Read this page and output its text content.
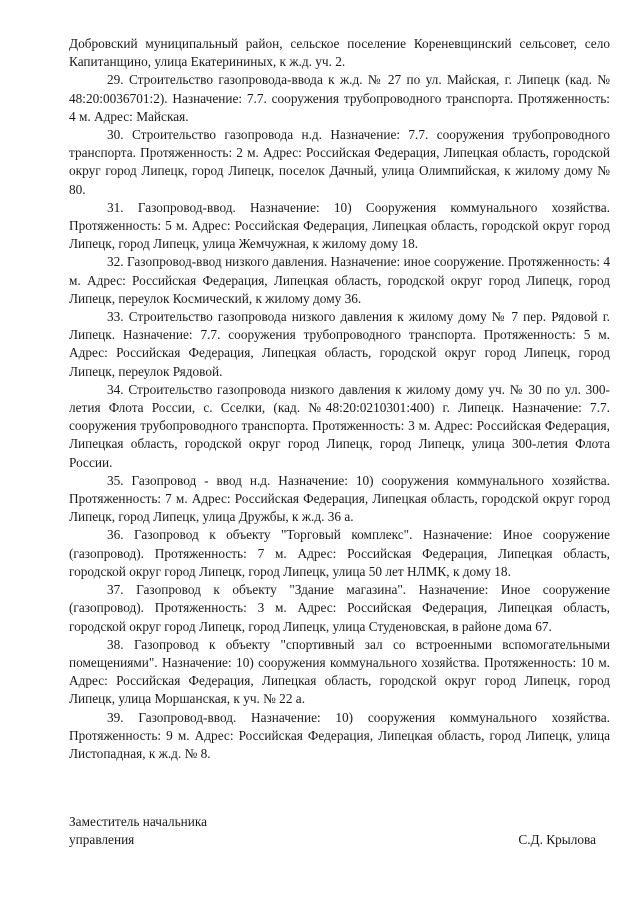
Добровский муниципальный район, сельское поселение Кореневщинский сельсовет, село Капитанщино, улица Екатерининых, к ж.д. уч. 2.

29. Строительство газопровода-ввода к ж.д. № 27 по ул. Майская, г. Липецк (кад. № 48:20:0036701:2). Назначение: 7.7. сооружения трубопроводного транспорта. Протяженность: 4 м. Адрес: Майская.

30. Строительство газопровода н.д. Назначение: 7.7. сооружения трубопроводного транспорта. Протяженность: 2 м. Адрес: Российская Федерация, Липецкая область, городской округ город Липецк, город Липецк, поселок Дачный, улица Олимпийская, к жилому дому № 80.

31. Газопровод-ввод. Назначение: 10) Сооружения коммунального хозяйства. Протяженность: 5 м. Адрес: Российская Федерация, Липецкая область, городской округ город Липецк, город Липецк, улица Жемчужная, к жилому дому 18.

32. Газопровод-ввод низкого давления. Назначение: иное сооружение. Протяженность: 4 м. Адрес: Российская Федерация, Липецкая область, городской округ город Липецк, город Липецк, переулок Космический, к жилому дому 36.

33. Строительство газопровода низкого давления к жилому дому № 7 пер. Рядовой г. Липецк. Назначение: 7.7. сооружения трубопроводного транспорта. Протяженность: 5 м. Адрес: Российская Федерация, Липецкая область, городской округ город Липецк, город Липецк, переулок Рядовой.

34. Строительство газопровода низкого давления к жилому дому уч. № 30 по ул. 300-летия Флота России, с. Сселки, (кад. №48:20:0210301:400) г. Липецк. Назначение: 7.7. сооружения трубопроводного транспорта. Протяженность: 3 м. Адрес: Российская Федерация, Липецкая область, городской округ город Липецк, город Липецк, улица 300-летия Флота России.

35. Газопровод - ввод н.д. Назначение: 10) сооружения коммунального хозяйства. Протяженность: 7 м. Адрес: Российская Федерация, Липецкая область, городской округ город Липецк, город Липецк, улица Дружбы, к ж.д. 36 а.

36. Газопровод к объекту "Торговый комплекс". Назначение: Иное сооружение (газопровод). Протяженность: 7 м. Адрес: Российская Федерация, Липецкая область, городской округ город Липецк, город Липецк, улица 50 лет НЛМК, к дому 18.

37. Газопровод к объекту "Здание магазина". Назначение: Иное сооружение (газопровод). Протяженность: 3 м. Адрес: Российская Федерация, Липецкая область, городской округ город Липецк, город Липецк, улица Студеновская, в районе дома 67.

38. Газопровод к объекту "спортивный зал со встроенными вспомогательными помещениями". Назначение: 10) сооружения коммунального хозяйства. Протяженность: 10 м. Адрес: Российская Федерация, Липецкая область, городской округ город Липецк, город Липецк, улица Моршанская, к уч. № 22 а.

39. Газопровод-ввод. Назначение: 10) сооружения коммунального хозяйства. Протяженность: 9 м. Адрес: Российская Федерация, Липецкая область, город Липецк, улица Листопадная, к ж.д. № 8.

Заместитель начальника
управления	С.Д. Крылова
